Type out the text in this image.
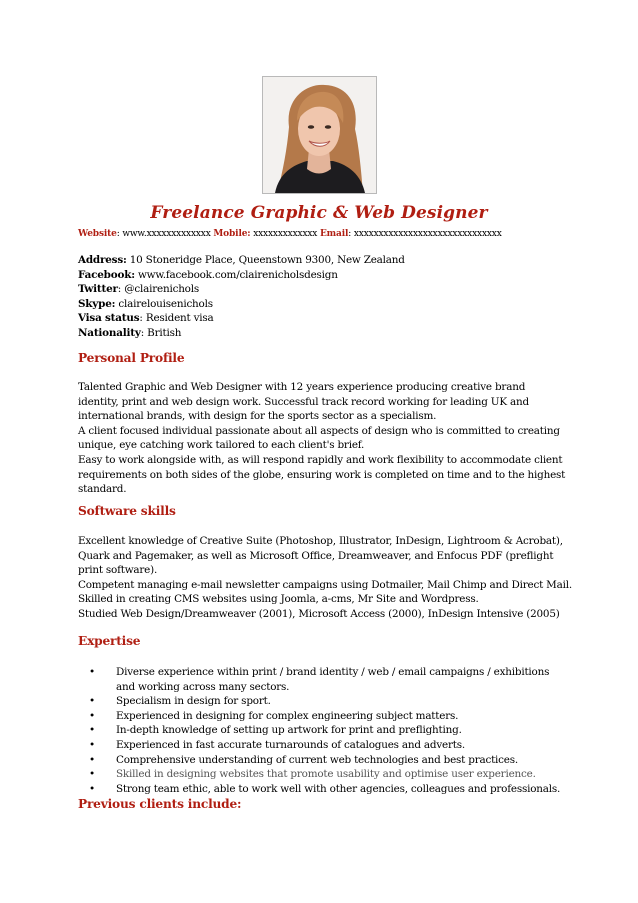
Freelance Graphic & Web Designer
Website: www.xxxxxxxxxxxxx Mobile: xxxxxxxxxxxxx Email: xxxxxxxxxxxxxxxxxxxxxxxxxxxxxx
Address: 10 Stoneridge Place, Queenstown 9300, New Zealand
Facebook: www.facebook.com/clairenicholsdesign
Twitter: @clairenichols
Skype: clairelouisenichols
Visa status: Resident visa
Nationality: British
Personal Profile
Talented Graphic and Web Designer with 12 years experience producing creative brand
identity, print and web design work. Successful track record working for leading UK and
international brands, with design for the sports sector as a specialism.
A client focused individual passionate about all aspects of design who is committed to creating
unique, eye catching work tailored to each client's brief.
Easy to work alongside with, as will respond rapidly and work flexibility to accommodate client
requirements on both sides of the globe, ensuring work is completed on time and to the highest
standard.
Software skills
Excellent knowledge of Creative Suite (Photoshop, Illustrator, InDesign, Lightroom & Acrobat),
Quark and Pagemaker, as well as Microsoft Office, Dreamweaver, and Enfocus PDF (preflight
print software).
Competent managing e-mail newsletter campaigns using Dotmailer, Mail Chimp and Direct Mail.
Skilled in creating CMS websites using Joomla, a-cms, Mr Site and Wordpress.
Studied Web Design/Dreamweaver (2001), Microsoft Access (2000), InDesign Intensive (2005)
Expertise
• Diverse experience within print / brand identity / web / email campaigns / exhibitions
and working across many sectors.
• Specialism in design for sport.
• Experienced in designing for complex engineering subject matters.
• In-depth knowledge of setting up artwork for print and preflighting.
• Experienced in fast accurate turnarounds of catalogues and adverts.
• Comprehensive understanding of current web technologies and best practices.
• Skilled in designing websites that promote usability and optimise user experience.
• Strong team ethic, able to work well with other agencies, colleagues and professionals.
Previous clients include:
